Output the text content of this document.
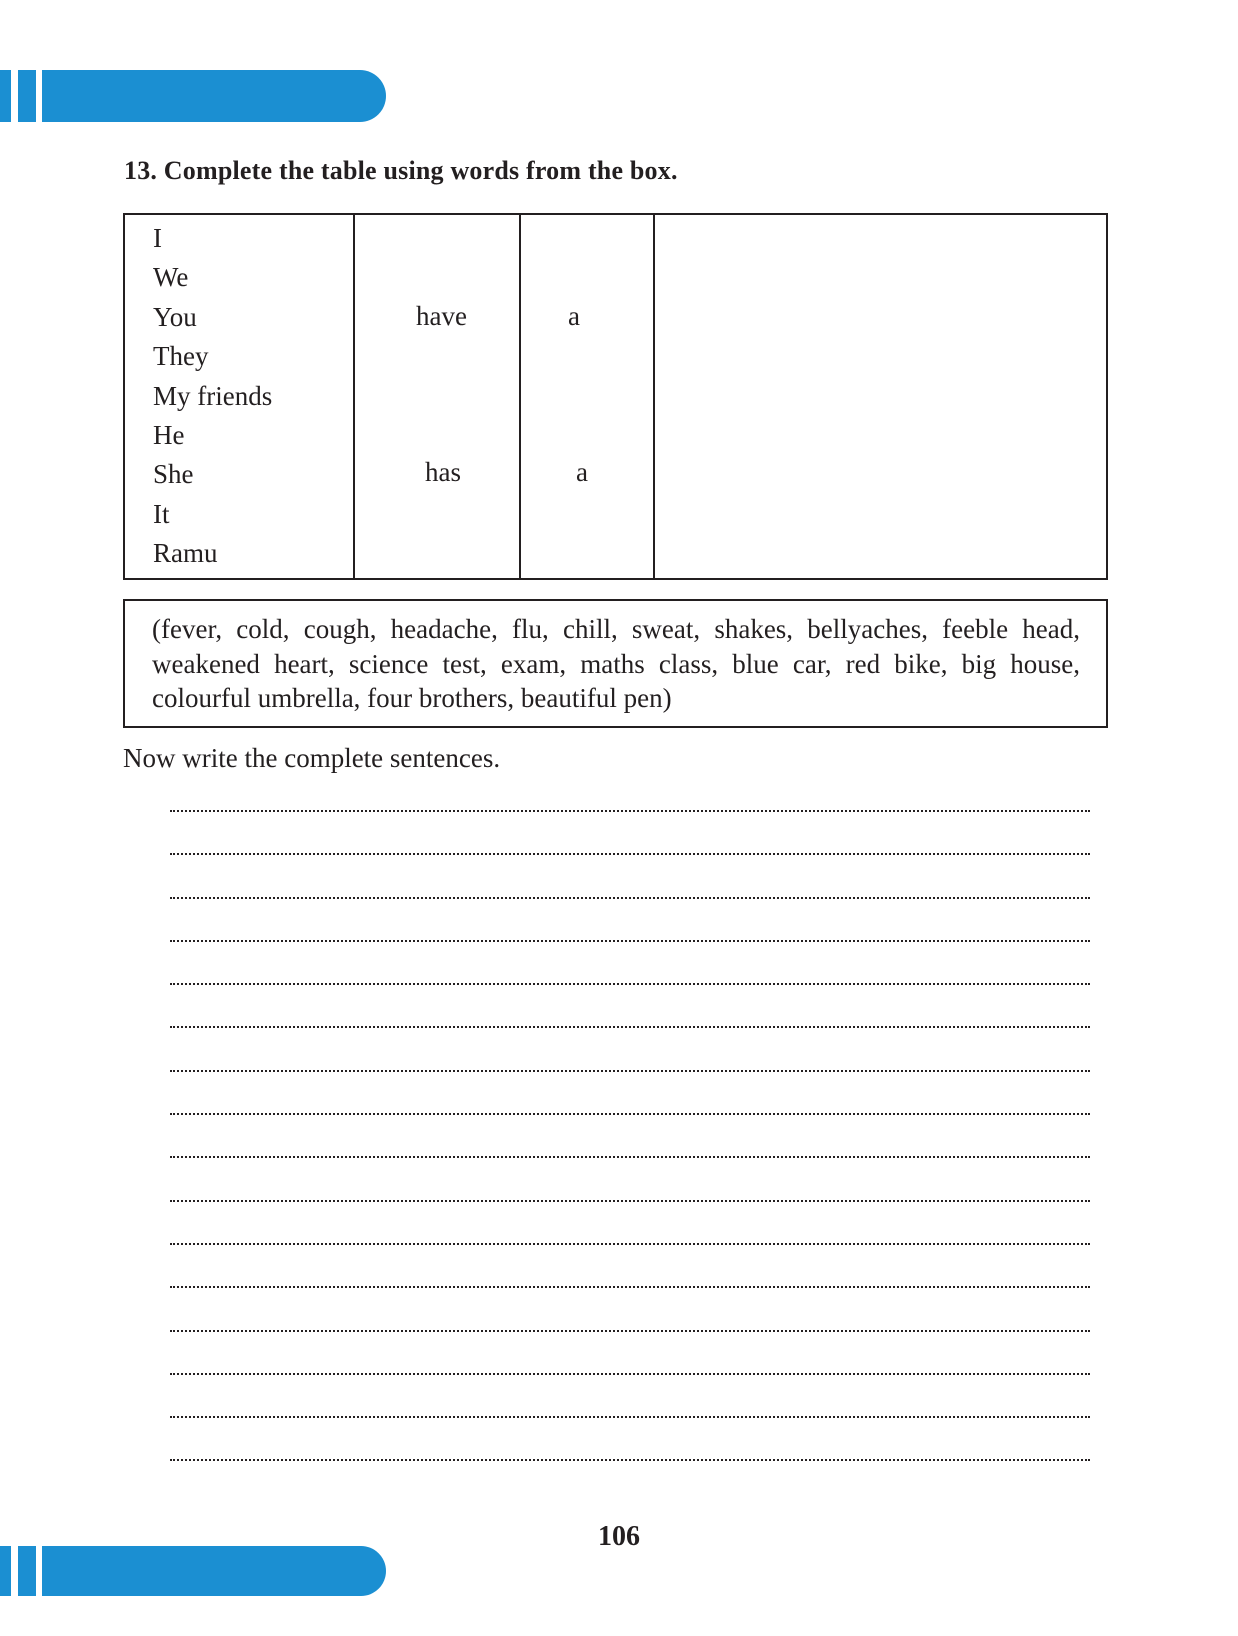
13. Complete the table using words from the box.
I
We
You
They
My friends
He
She
It
Ramu
have
has
a
a
(fever, cold, cough, headache, flu, chill, sweat, shakes, bellyaches, feeble head, weakened heart, science test, exam, maths class, blue car, red bike, big house, colourful umbrella, four brothers, beautiful pen)

Now write the complete sentences.

106
